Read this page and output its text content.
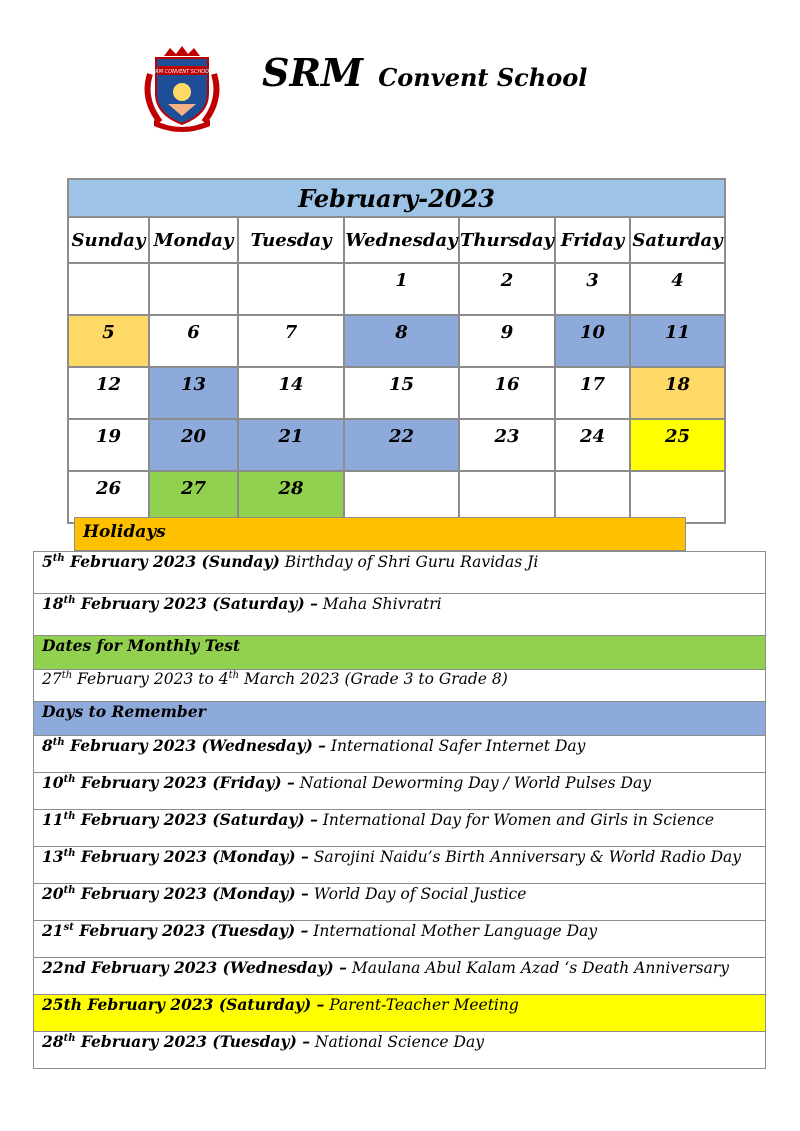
SRM CONVENT SCHOOL SRM Convent School
February-2023						
Sunday	Monday	Tuesday	Wednesday	Thursday	Friday	Saturday
			1	2	3	4
5	6	7	8	9	10	11
12	13	14	15	16	17	18
19	20	21	22	23	24	25
26	27	28				
Holidays
5th February 2023 (Sunday) Birthday of Shri Guru Ravidas Ji
18th February 2023 (Saturday) – Maha Shivratri
Dates for Monthly Test
27th February 2023 to 4th March 2023 (Grade 3 to Grade 8)
Days to Remember
8th February 2023 (Wednesday) – International Safer Internet Day
10th February 2023 (Friday) – National Deworming Day / World Pulses Day
11th February 2023 (Saturday) – International Day for Women and Girls in Science
13th February 2023 (Monday) – Sarojini Naidu’s Birth Anniversary & World Radio Day
20th February 2023 (Monday) – World Day of Social Justice
21st February 2023 (Tuesday) – International Mother Language Day
22nd February 2023 (Wednesday) – Maulana Abul Kalam Azad ‘s Death Anniversary
25th February 2023 (Saturday) – Parent-Teacher Meeting
28th February 2023 (Tuesday) – National Science Day
